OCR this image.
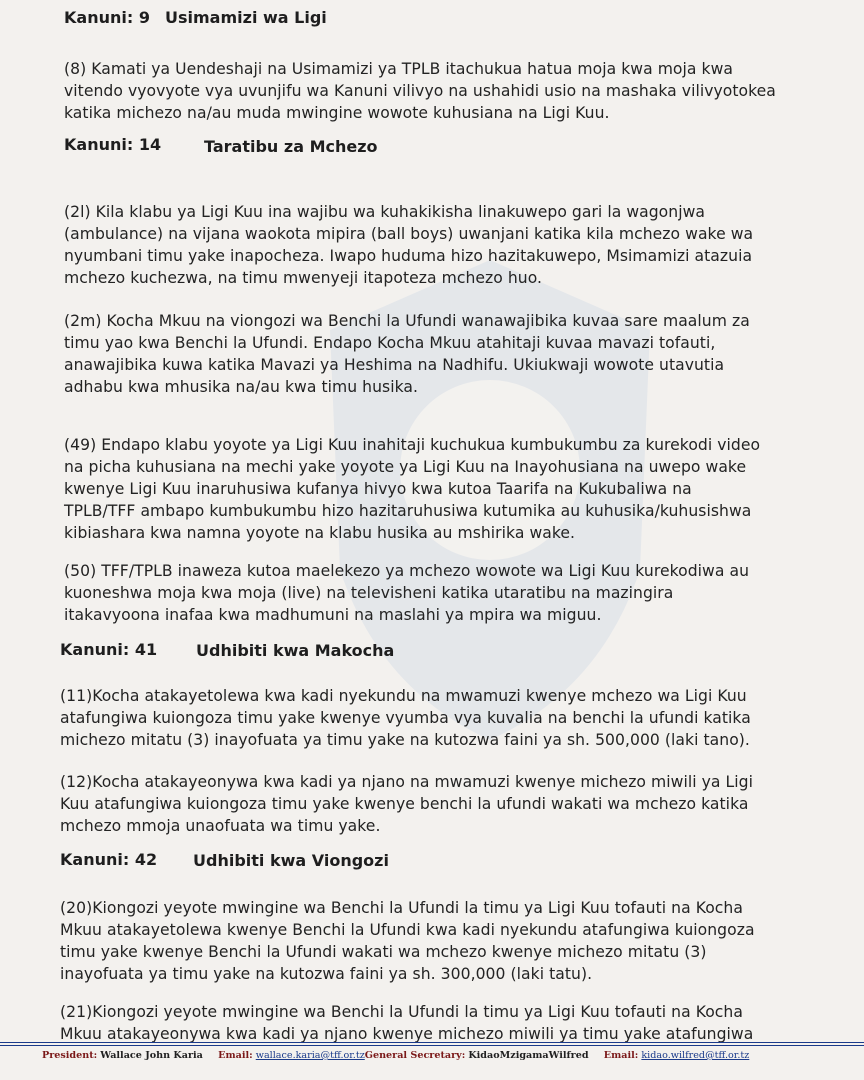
Kanuni: 9 Usimamizi wa Ligi
(8) Kamati ya Uendeshaji na Usimamizi ya TPLB itachukua hatua moja kwa moja kwa
vitendo vyovyote vya uvunjifu wa Kanuni vilivyo na ushahidi usio na mashaka vilivyotokea
katika michezo na/au muda mwingine wowote kuhusiana na Ligi Kuu.
Kanuni: 14	Taratibu za Mchezo
(2l) Kila klabu ya Ligi Kuu ina wajibu wa kuhakikisha linakuwepo gari la wagonjwa
(ambulance) na vijana waokota mipira (ball boys) uwanjani katika kila mchezo wake wa
nyumbani timu yake inapocheza. Iwapo huduma hizo hazitakuwepo, Msimamizi atazuia
mchezo kuchezwa, na timu mwenyeji itapoteza mchezo huo.
(2m) Kocha Mkuu na viongozi wa Benchi la Ufundi wanawajibika kuvaa sare maalum za
timu yao kwa Benchi la Ufundi. Endapo Kocha Mkuu atahitaji kuvaa mavazi tofauti,
anawajibika kuwa katika Mavazi ya Heshima na Nadhifu. Ukiukwaji wowote utavutia
adhabu kwa mhusika na/au kwa timu husika.
(49) Endapo klabu yoyote ya Ligi Kuu inahitaji kuchukua kumbukumbu za kurekodi video
na picha kuhusiana na mechi yake yoyote ya Ligi Kuu na Inayohusiana na uwepo wake
kwenye Ligi Kuu inaruhusiwa kufanya hivyo kwa kutoa Taarifa na Kukubaliwa na
TPLB/TFF ambapo kumbukumbu hizo hazitaruhusiwa kutumika au kuhusika/kuhusishwa
kibiashara kwa namna yoyote na klabu husika au mshirika wake.
(50) TFF/TPLB inaweza kutoa maelekezo ya mchezo wowote wa Ligi Kuu kurekodiwa au
kuoneshwa moja kwa moja (live) na televisheni katika utaratibu na mazingira
itakavyoona inafaa kwa madhumuni na maslahi ya mpira wa miguu.
Kanuni: 41 Udhibiti kwa Makocha
(11)Kocha atakayetolewa kwa kadi nyekundu na mwamuzi kwenye mchezo wa Ligi Kuu
atafungiwa kuiongoza timu yake kwenye vyumba vya kuvalia na benchi la ufundi katika
michezo mitatu (3) inayofuata ya timu yake na kutozwa faini ya sh. 500,000 (laki tano).
(12)Kocha atakayeonywa kwa kadi ya njano na mwamuzi kwenye michezo miwili ya Ligi
Kuu atafungiwa kuiongoza timu yake kwenye benchi la ufundi wakati wa mchezo katika
mchezo mmoja unaofuata wa timu yake.
Kanuni: 42 Udhibiti kwa Viongozi
(20)Kiongozi yeyote mwingine wa Benchi la Ufundi la timu ya Ligi Kuu tofauti na Kocha
Mkuu atakayetolewa kwenye Benchi la Ufundi kwa kadi nyekundu atafungiwa kuiongoza
timu yake kwenye Benchi la Ufundi wakati wa mchezo kwenye michezo mitatu (3)
inayofuata ya timu yake na kutozwa faini ya sh. 300,000 (laki tatu).
(21)Kiongozi yeyote mwingine wa Benchi la Ufundi la timu ya Ligi Kuu tofauti na Kocha
Mkuu atakayeonywa kwa kadi ya njano kwenye michezo miwili ya timu yake atafungiwa
President: Wallace John Karia Email: wallace.karia@tff.or.tzGeneral Secretary: KidaoMzigamaWilfred Email: kidao.wilfred@tff.or.tz
